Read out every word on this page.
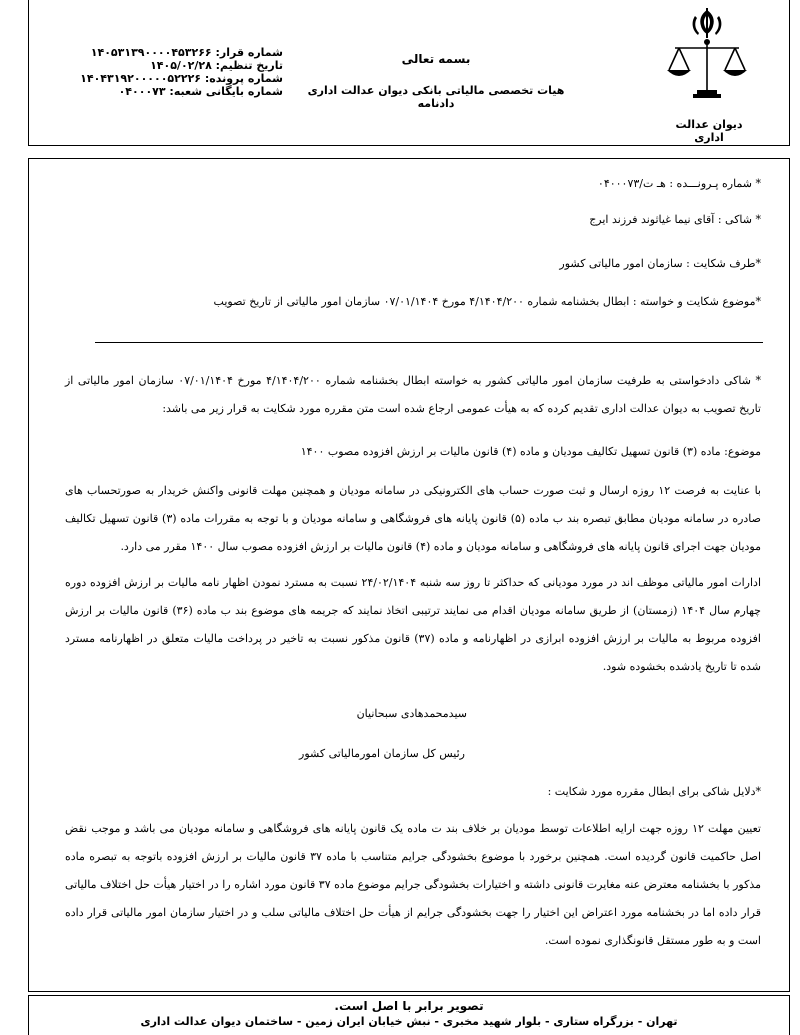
شماره قرار: ۱۴۰۵۳۱۳۹۰۰۰۰۴۵۳۲۶۶
تاریخ تنظیم: ۱۴۰۵/۰۲/۲۸
شماره پرونده: ۱۴۰۴۳۱۹۲۰۰۰۰۰۵۲۲۲۶
شماره بایگانی شعبه: ۰۴۰۰۰۷۳
بسمه تعالی
هیات تخصصی مالیاتی بانکی دیوان عدالت اداری
دادنامه
دیوان عدالت اداری
* شماره پـرونـــده : هـ ت/۰۴۰۰۰۷۳
* شاکی : آقای نیما غیاثوند فرزند ایرج
*طرف شکایت : سازمان امور مالیاتی کشور
*موضوع شکایت و خواسته : ابطال بخشنامه شماره ۴/۱۴۰۴/۲۰۰ مورخ ۰۷/۰۱/۱۴۰۴ سازمان امور مالیاتی از تاریخ تصویب
* شاکی دادخواستی به طرفیت سازمان امور مالیاتی کشور به خواسته ابطال بخشنامه شماره ۴/۱۴۰۴/۲۰۰ مورخ ۰۷/۰۱/۱۴۰۴ سازمان امور مالیاتی از تاریخ تصویب به دیوان عدالت اداری تقدیم کرده که به هیأت عمومی ارجاع شده است متن مقرره مورد شکایت به قرار زیر می باشد:
موضوع: ماده (۳) قانون تسهیل تکالیف مودیان و ماده (۴) قانون مالیات بر ارزش افزوده مصوب ۱۴۰۰
با عنایت به فرصت ۱۲ روزه ارسال و ثبت صورت حساب های الکترونیکی در سامانه مودیان و همچنین مهلت قانونی واکنش خریدار به صورتحساب های صادره در سامانه مودیان مطابق تبصره بند ب ماده (۵) قانون پایانه های فروشگاهی و سامانه مودیان و با توجه به مقررات ماده (۳) قانون تسهیل تکالیف مودیان جهت اجرای قانون پایانه های فروشگاهی و سامانه مودیان و ماده (۴) قانون مالیات بر ارزش افزوده مصوب سال ۱۴۰۰ مقرر می دارد.
ادارات امور مالیاتی موظف اند در مورد مودیانی که حداکثر تا روز سه شنبه ۲۴/۰۲/۱۴۰۴ نسبت به مسترد نمودن اظهار نامه مالیات بر ارزش افزوده دوره چهارم سال ۱۴۰۴ (زمستان) از طریق سامانه مودیان اقدام می نمایند ترتیبی اتخاذ نمایند که جریمه های موضوع بند ب ماده (۳۶) قانون مالیات بر ارزش افزوده مربوط به مالیات بر ارزش افزوده ابرازی در اظهارنامه و ماده (۳۷) قانون مذکور نسبت به تاخیر در پرداخت مالیات متعلق در اظهارنامه مسترد شده تا تاریخ یادشده بخشوده شود.
سیدمحمدهادی سبحانیان
رئیس کل سازمان امورمالیاتی کشور
*دلایل شاکی برای ابطال مقرره مورد شکایت :
تعیین مهلت ۱۲ روزه جهت ارایه اطلاعات توسط مودیان بر خلاف بند ت ماده یک قانون پایانه های فروشگاهی و سامانه مودیان می باشد و موجب نقض اصل حاکمیت قانون گردیده است. همچنین برخورد با موضوع بخشودگی جرایم متناسب با ماده ۳۷ قانون مالیات بر ارزش افزوده باتوجه به تبصره ماده مذکور با بخشنامه معترض عنه مغایرت قانونی داشته و اختیارات بخشودگی جرایم موضوع ماده ۳۷ قانون مورد اشاره را در اختیار هیأت حل اختلاف مالیاتی قرار داده اما در بخشنامه مورد اعتراض این اختیار را جهت بخشودگی جرایم از هیأت حل اختلاف مالیاتی سلب و در اختیار سازمان امور مالیاتی قرار داده است و به طور مستقل قانونگذاری نموده است.
تصویر برابر با اصل است.
تهران - بزرگراه ستاری - بلوار شهید مخبری - نبش خیابان ایران زمین - ساختمان دیوان عدالت اداری
